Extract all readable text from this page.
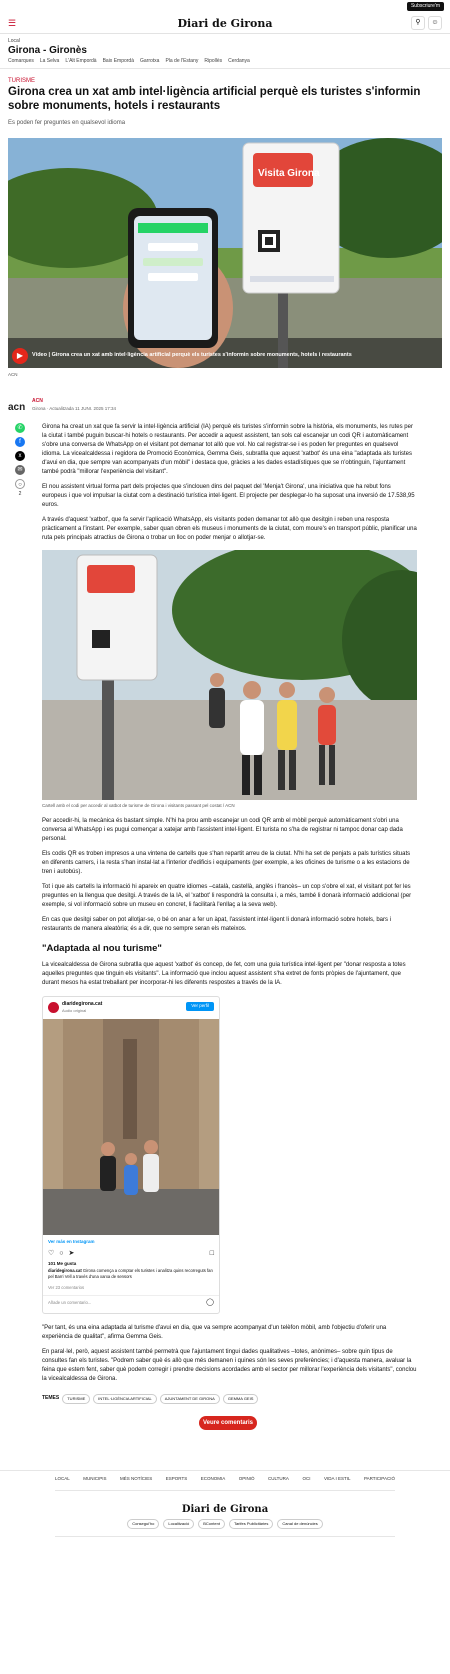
Subscriure'm
☰	Diari de Girona	⚲	☺
Local
Girona - Gironès
Comarques La Selva L'Alt Empordà Baix Empordà Garrotxa Pla de l'Estany Ripollès Cerdanya
TURISME
Girona crea un xat amb intel·ligència artificial perquè els turistes s'informin sobre monuments, hotels i restaurants
Es poden fer preguntes en qualsevol idioma
Visita Girona
▶	Vídeo | Girona crea un xat amb intel·ligència artificial perquè els turistes s'informin sobre monuments, hotels i restaurants
ACN
acn
ACN
Girona · Actualitzada 11 JUNI. 2025 17:34
✆
f
x
✉
○
2

Girona ha creat un xat que fa servir la intel·ligència artificial (IA) perquè els turistes s'informin sobre la història, els monuments, les rutes per la ciutat i també puguin buscar-hi hotels o restaurants. Per accedir a aquest assistent, tan sols cal escanejar un codi QR i automàticament s'obre una conversa de WhatsApp on el visitant pot demanar tot allò que vol. No cal registrar-se i es poden fer preguntes en qualsevol idioma. La vicealcaldessa i regidora de Promoció Econòmica, Gemma Geis, subratlla que aquest 'xatbot' és una eina "adaptada als turistes d'avui en dia, que sempre van acompanyats d'un mòbil" i destaca que, gràcies a les dades estadístiques que se n'obtinguin, l'ajuntament també podrà "millorar l'experiència del visitant".

El nou assistent virtual forma part dels projectes que s'inclouen dins del paquet del 'Menja't Girona', una iniciativa que ha rebut fons europeus i que vol impulsar la ciutat com a destinació turística intel·ligent. El projecte per desplegar-lo ha suposat una inversió de 17.538,95 euros.

A través d'aquest 'xatbot', que fa servir l'aplicació WhatsApp, els visitants poden demanar tot allò que desitgin i reben una resposta pràcticament a l'instant. Per exemple, saber quan obren els museus i monuments de la ciutat, com moure's en transport públic, planificar una ruta pels principals atractius de Girona o trobar un lloc on poder menjar o allotjar-se.

Cartell amb el codi per accedir al xatbot de turisme de Girona i visitants passant pel costat / ACN

Per accedir-hi, la mecànica és bastant simple. N'hi ha prou amb escanejar un codi QR amb el mòbil perquè automàticament s'obri una conversa al WhatsApp i es pugui començar a xatejar amb l'assistent intel·ligent. El turista no s'ha de registrar ni tampoc donar cap dada personal.

Els codis QR es troben impresos a una vintena de cartells que s'han repartit arreu de la ciutat. N'hi ha set de penjats a pals turístics situats en diferents carrers, i la resta s'han instal·lat a l'interior d'edificis i equipaments (per exemple, a les oficines de turisme o a les estacions de tren i autobús).

Tot i que als cartells la informació hi apareix en quatre idiomes –català, castellà, anglès i francès– un cop s'obre el xat, el visitant pot fer les preguntes en la llengua que desitgi. A través de la IA, el 'xatbot' li respondrà la consulta i, a més, també li donarà informació addicional (per exemple, si vol informació sobre un museu en concret, li facilitarà l'enllaç a la seva web).

En cas que desitgi saber on pot allotjar-se, o bé on anar a fer un àpat, l'assistent intel·ligent li donarà informació sobre hotels, bars i restaurants de manera aleatòria; és a dir, que no sempre seran els mateixos.

"Adaptada al nou turisme"

La vicealcaldessa de Girona subratlla que aquest 'xatbot' és concep, de fet, com una guia turística intel·ligent per "donar resposta a totes aquelles preguntes que tinguin els visitants". La informació que inclou aquest assistent s'ha extret de fonts pròpies de l'ajuntament, que durant mesos ha estat treballant per incorporar-hi les diferents respostes a través de la IA.

diaridegirona.cat
Audio original
Ver perfil
Ver más en Instagram
♡ ○ ➤	□
101 Me gusta
diaridegirona.cat Girona comença a comptar els turistes i analitza quins recorreguts fan pel Barri Vell a través d'una xarxa de sensors
Ver 23 comentarios
Añade un comentario...	◯

"Per tant, és una eina adaptada al turisme d'avui en dia, que va sempre acompanyat d'un telèfon mòbil, amb l'objectiu d'oferir una experiència de qualitat", afirma Gemma Geis.

En paral·lel, però, aquest assistent també permetrà que l'ajuntament tingui dades qualitatives –totes, anònimes– sobre quin tipus de consultes fan els turistes. "Podrem saber què és allò que més demanen i quines són les seves preferències; i d'aquesta manera, avaluar la feina que estem fent, saber què podem corregir i prendre decisions acordades amb el sector per millorar l'experiència dels visitants", conclou la vicealcaldessa de Girona.

TEMES	TURISME	INTEL·LIGÈNCIA ARTIFICIAL	AJUNTAMENT DE GIRONA	GEMMA GEIS
Veure comentaris
LOCAL	MUNICIPIS	MÉS NOTÍCIES	ESPORTS	ECONOMIA	OPINIÓ	CULTURA	OCI	VIDA I ESTIL	PARTICIPACIÓ
Diari de Girona
Consegui'ho	Localització	BContent	Tarifes Publicitàries	Canal de denúncies
